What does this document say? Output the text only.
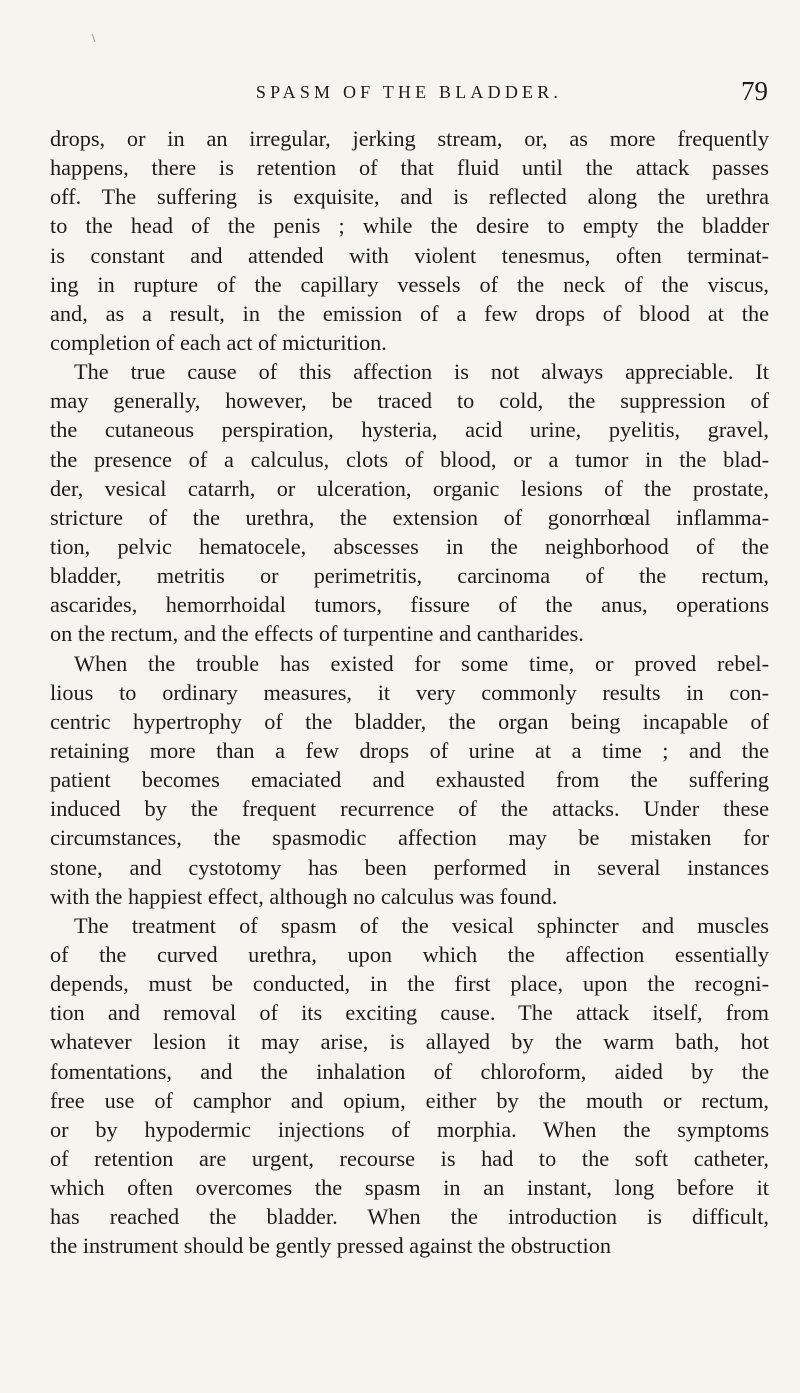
∖
SPASM OF THE BLADDER.	79
drops, or in an irregular, jerking stream, or, as more frequently
happens, there is retention of that fluid until the attack passes
off. The suffering is exquisite, and is reflected along the urethra
to the head of the penis ; while the desire to empty the bladder
is constant and attended with violent tenesmus, often terminat-
ing in rupture of the capillary vessels of the neck of the viscus,
and, as a result, in the emission of a few drops of blood at the
completion of each act of micturition.
The true cause of this affection is not always appreciable. It
may generally, however, be traced to cold, the suppression of
the cutaneous perspiration, hysteria, acid urine, pyelitis, gravel,
the presence of a calculus, clots of blood, or a tumor in the blad-
der, vesical catarrh, or ulceration, organic lesions of the prostate,
stricture of the urethra, the extension of gonorrhœal inflamma-
tion, pelvic hematocele, abscesses in the neighborhood of the
bladder, metritis or perimetritis, carcinoma of the rectum,
ascarides, hemorrhoidal tumors, fissure of the anus, operations
on the rectum, and the effects of turpentine and cantharides.
When the trouble has existed for some time, or proved rebel-
lious to ordinary measures, it very commonly results in con-
centric hypertrophy of the bladder, the organ being incapable of
retaining more than a few drops of urine at a time ; and the
patient becomes emaciated and exhausted from the suffering
induced by the frequent recurrence of the attacks. Under these
circumstances, the spasmodic affection may be mistaken for
stone, and cystotomy has been performed in several instances
with the happiest effect, although no calculus was found.
The treatment of spasm of the vesical sphincter and muscles
of the curved urethra, upon which the affection essentially
depends, must be conducted, in the first place, upon the recogni-
tion and removal of its exciting cause. The attack itself, from
whatever lesion it may arise, is allayed by the warm bath, hot
fomentations, and the inhalation of chloroform, aided by the
free use of camphor and opium, either by the mouth or rectum,
or by hypodermic injections of morphia. When the symptoms
of retention are urgent, recourse is had to the soft catheter,
which often overcomes the spasm in an instant, long before it
has reached the bladder. When the introduction is difficult,
the instrument should be gently pressed against the obstruction
